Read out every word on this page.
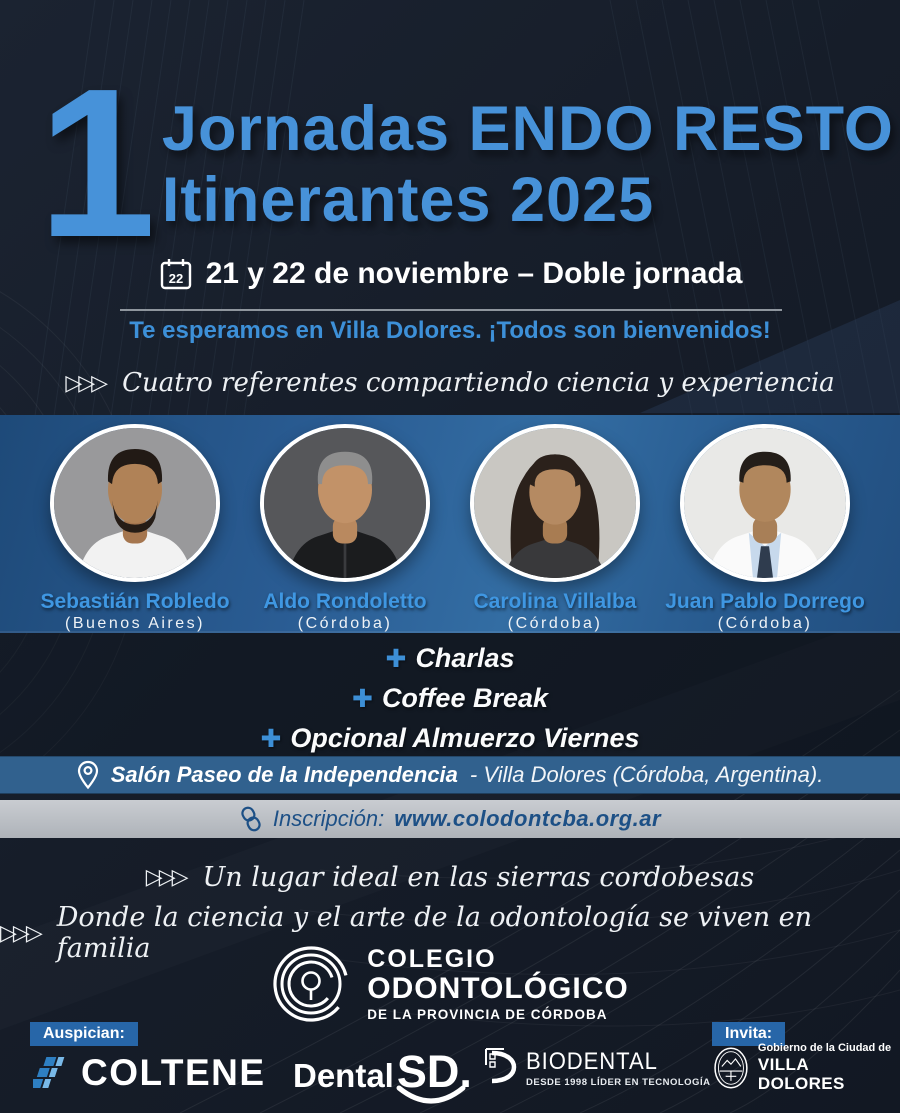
1 Jornadas ENDO RESTO
Itinerantes 2025
22 21 y 22 de noviembre – Doble jornada
Te esperamos en Villa Dolores. ¡Todos son bienvenidos!
▷▷▷ Cuatro referentes compartiendo ciencia y experiencia
Sebastián Robledo
(Buenos Aires)
Aldo Rondoletto
(Córdoba)
Carolina Villalba
(Córdoba)
Juan Pablo Dorrego
(Córdoba)
✚ Charlas
✚ Coffee Break
✚ Opcional Almuerzo Viernes
Salón Paseo de la Independencia - Villa Dolores (Córdoba, Argentina).
Inscripción: www.colodontcba.org.ar
▷▷▷ Un lugar ideal en las sierras cordobesas
▷▷▷ Donde la ciencia y el arte de la odontología se viven en familia	COLEGIO
ODONTOLÓGICO
DE LA PROVINCIA DE CÓRDOBA
Auspician:	Invita:
COLTENE Dental SD . BIODENTAL
DESDE 1998 LÍDER EN TECNOLOGÍA
Gobierno de la Ciudad de
VILLA DOLORES
